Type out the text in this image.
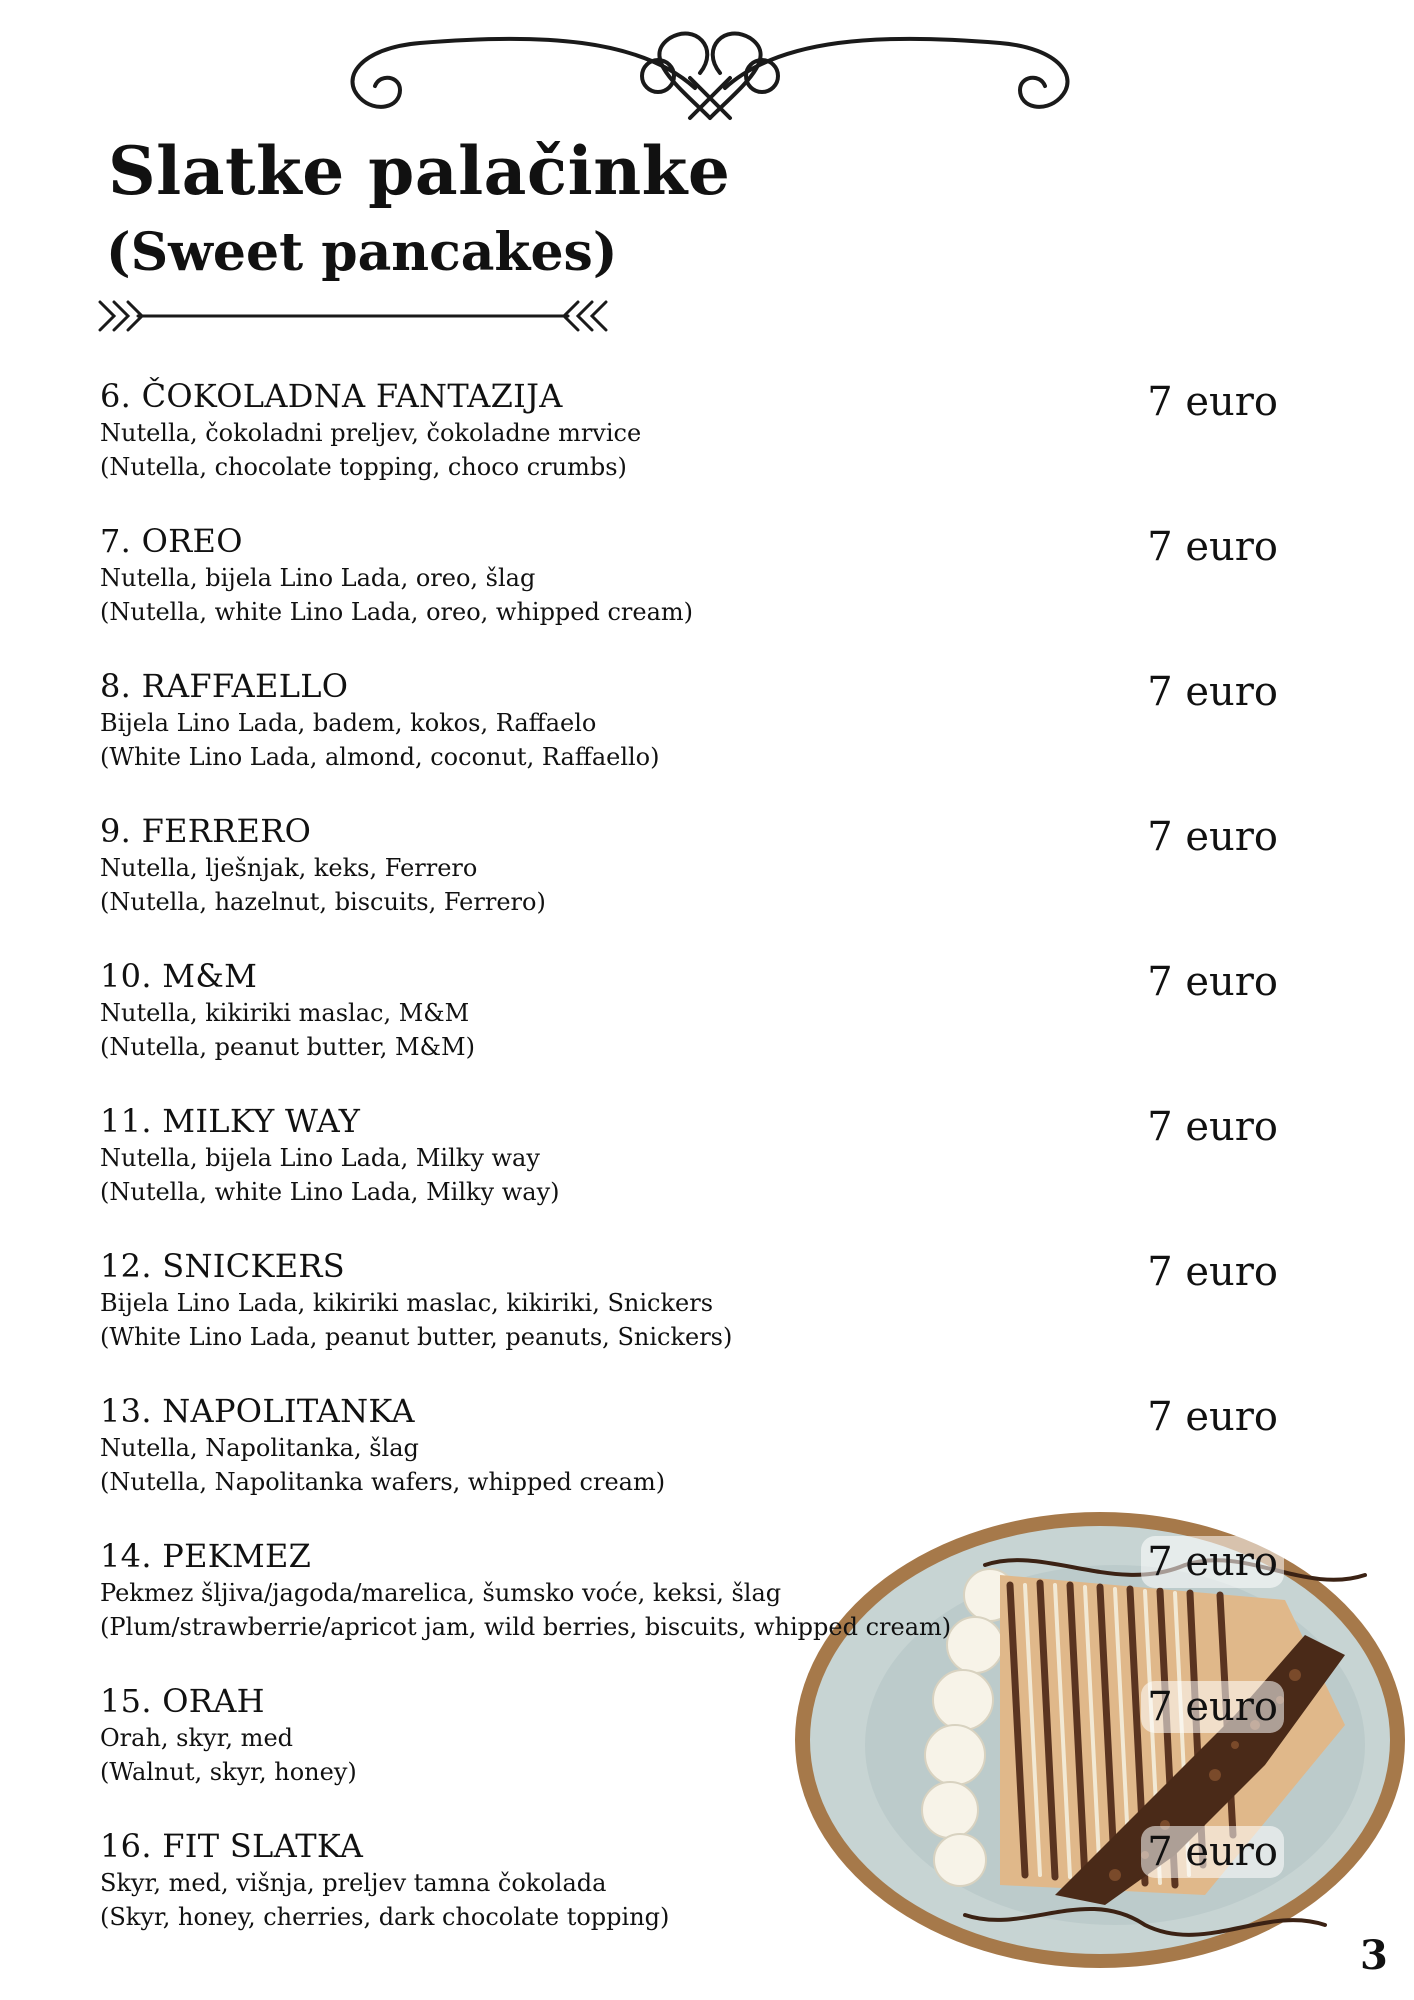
Slatke palačinke
(Sweet pancakes)

6. ČOKOLADNA FANTAZIJA

Nutella, čokoladni preljev, čokoladne mrvice

(Nutella, chocolate topping, choco crumbs)

7 euro

7. OREO

Nutella, bijela Lino Lada, oreo, šlag

(Nutella, white Lino Lada, oreo, whipped cream)

7 euro

8. RAFFAELLO

Bijela Lino Lada, badem, kokos, Raffaelo

(White Lino Lada, almond, coconut, Raffaello)

7 euro

9. FERRERO

Nutella, lješnjak, keks, Ferrero

(Nutella, hazelnut, biscuits, Ferrero)

7 euro

10. M&M

Nutella, kikiriki maslac, M&M

(Nutella, peanut butter, M&M)

7 euro

11. MILKY WAY

Nutella, bijela Lino Lada, Milky way

(Nutella, white Lino Lada, Milky way)

7 euro

12. SNICKERS

Bijela Lino Lada, kikiriki maslac, kikiriki, Snickers

(White Lino Lada, peanut butter, peanuts, Snickers)

7 euro

13. NAPOLITANKA

Nutella, Napolitanka, šlag

(Nutella, Napolitanka wafers, whipped cream)

7 euro

14. PEKMEZ

Pekmez šljiva/jagoda/marelica, šumsko voće, keksi, šlag

(Plum/strawberrie/apricot jam, wild berries, biscuits, whipped cream)

7 euro

15. ORAH

Orah, skyr, med

(Walnut, skyr, honey)

7 euro

16. FIT SLATKA

Skyr, med, višnja, preljev tamna čokolada

(Skyr, honey, cherries, dark chocolate topping)

7 euro
3
